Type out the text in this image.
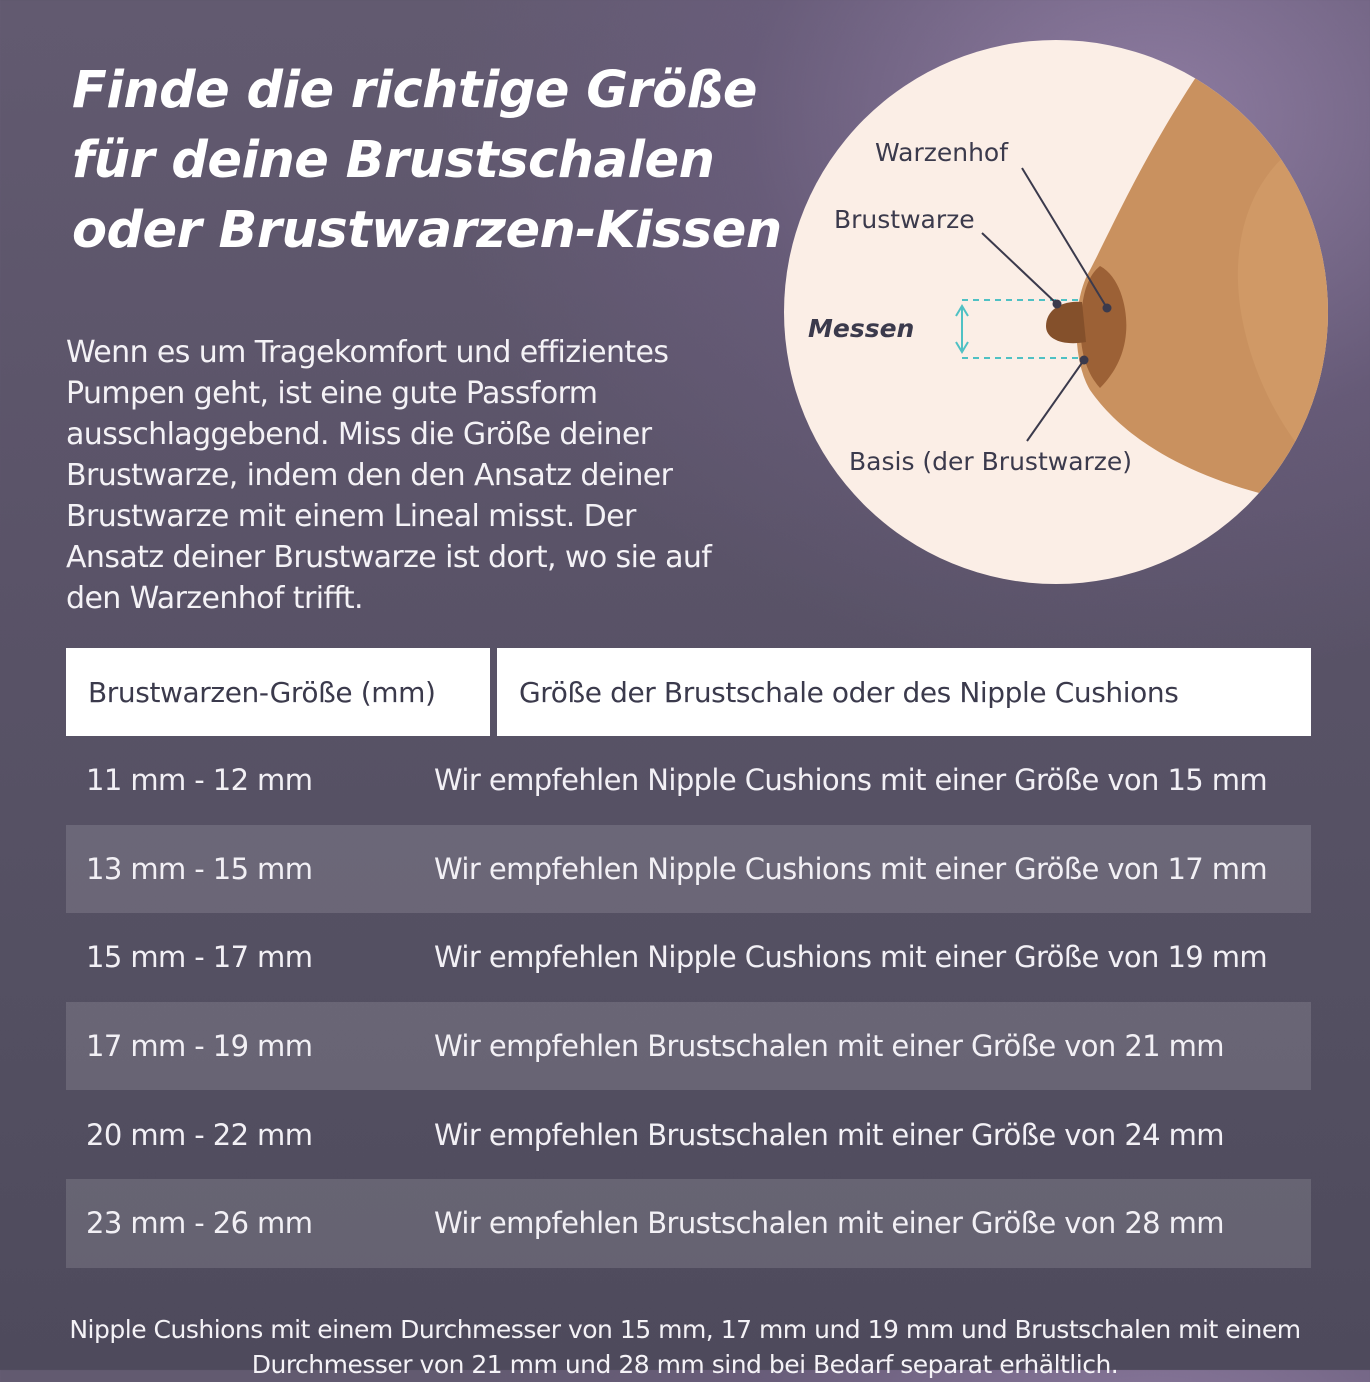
Finde die richtige Größe
für deine Brustschalen
oder Brustwarzen-Kissen

Wenn es um Tragekomfort und effizientes Pumpen geht, ist eine gute Passform ausschlaggebend. Miss die Größe deiner Brustwarze, indem den den Ansatz deiner Brustwarze mit einem Lineal misst. Der Ansatz deiner Brustwarze ist dort, wo sie auf den Warzenhof trifft.

Warzenhof
Brustwarze
Messen
Basis (der Brustwarze)
Brustwarzen-Größe (mm)	Größe der Brustschale oder des Nipple Cushions
11 mm - 12 mm	Wir empfehlen Nipple Cushions mit einer Größe von 15 mm
13 mm - 15 mm	Wir empfehlen Nipple Cushions mit einer Größe von 17 mm
15 mm - 17 mm	Wir empfehlen Nipple Cushions mit einer Größe von 19 mm
17 mm - 19 mm	Wir empfehlen Brustschalen mit einer Größe von 21 mm
20 mm - 22 mm	Wir empfehlen Brustschalen mit einer Größe von 24 mm
23 mm - 26 mm	Wir empfehlen Brustschalen mit einer Größe von 28 mm

Nipple Cushions mit einem Durchmesser von 15 mm, 17 mm und 19 mm und Brustschalen mit einem Durchmesser von 21 mm und 28 mm sind bei Bedarf separat erhältlich.
